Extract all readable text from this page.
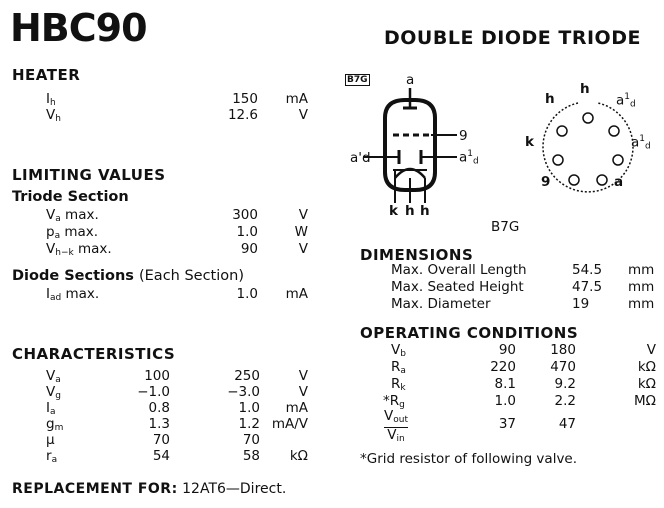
HBC90	DOUBLE DIODE TRIODE
HEATER
$I_h$	150	mA
$V_h$	12.6	V
LIMITING VALUES
Triode Section
$V_a$ max.	300	V
$p_a$ max.	1.0	W
$V_{h-k}$ max.	90	V
Diode Sections (Each Section)
$I_{ad}$ max.	1.0	mA
CHARACTERISTICS
$V_a$	100	250	V
$V_g$	−1.0	−3.0	V
$I_a$	0.8	1.0	mA
$g_m$	1.3	1.2 mA/V
μ	70	70
$r_a$	54	58	kΩ
REPLACEMENT FOR: 12AT6—Direct.
B7G	a
9
a'd	$a^1_d$
k h h
B7G
h
h
$a^1_d$
k	$a^1_d$
9	a
DIMENSIONS
Max. Overall Length	54.5 mm
Max. Seated Height	47.5 mm
Max. Diameter	19	mm
OPERATING CONDITIONS
$V_b$	90	180	V
$R_a$	220	470	kΩ
$R_k$	8.1	9.2	kΩ
$*R_g$	1.0	2.2	MΩ
$\frac{V_{out}}{V_{in}}$	37	47
*Grid resistor of following valve.
